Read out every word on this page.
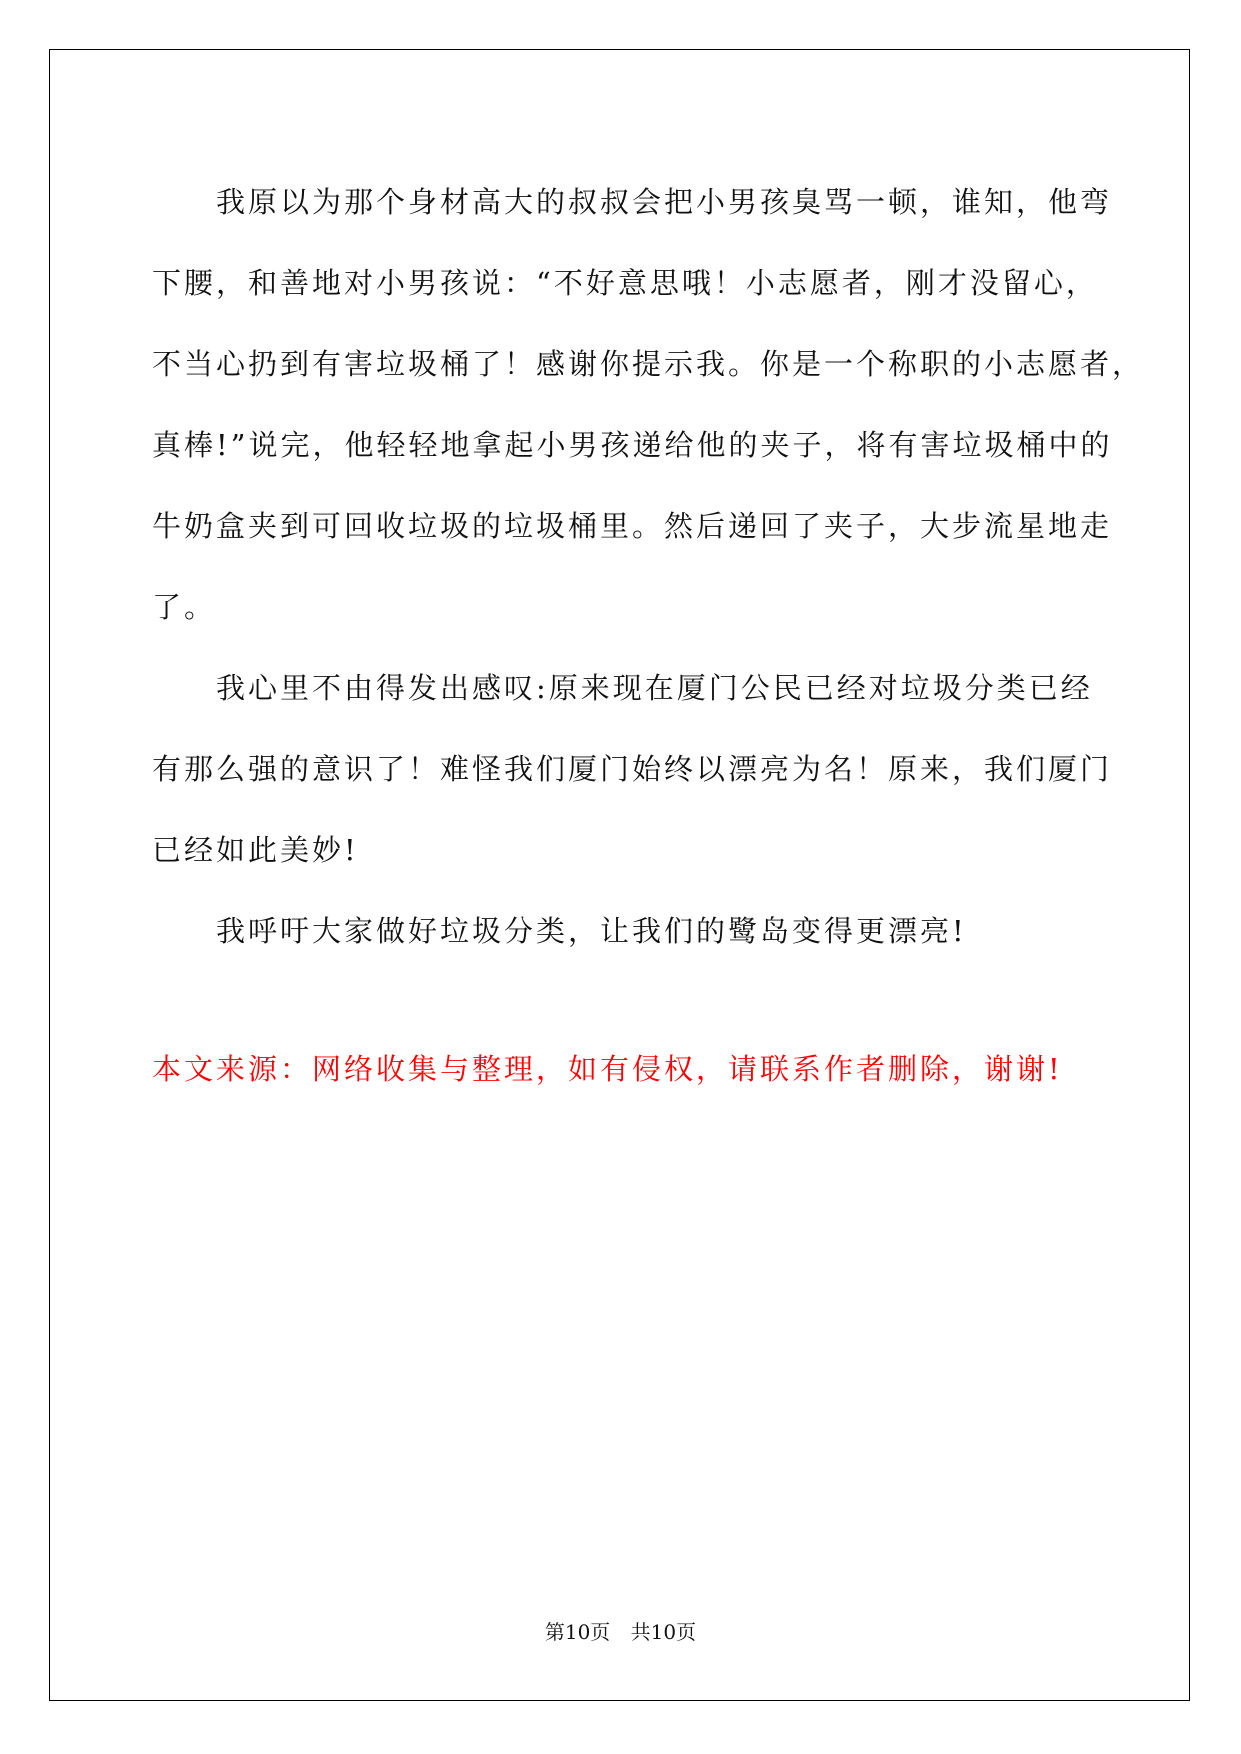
我原以为那个身材高大的叔叔会把小男孩臭骂一顿，谁知，他弯
下腰，和善地对小男孩说：“不好意思哦！小志愿者，刚才没留心，
不当心扔到有害垃圾桶了！感谢你提示我。你是一个称职的小志愿者，
真棒!”说完，他轻轻地拿起小男孩递给他的夹子，将有害垃圾桶中的
牛奶盒夹到可回收垃圾的垃圾桶里。然后递回了夹子，大步流星地走
了。

我心里不由得发出感叹:原来现在厦门公民已经对垃圾分类已经
有那么强的意识了！难怪我们厦门始终以漂亮为名！原来，我们厦门
已经如此美妙!

我呼吁大家做好垃圾分类，让我们的鹭岛变得更漂亮!

本文来源：网络收集与整理，如有侵权，请联系作者删除，谢谢!
第10页 共10页
